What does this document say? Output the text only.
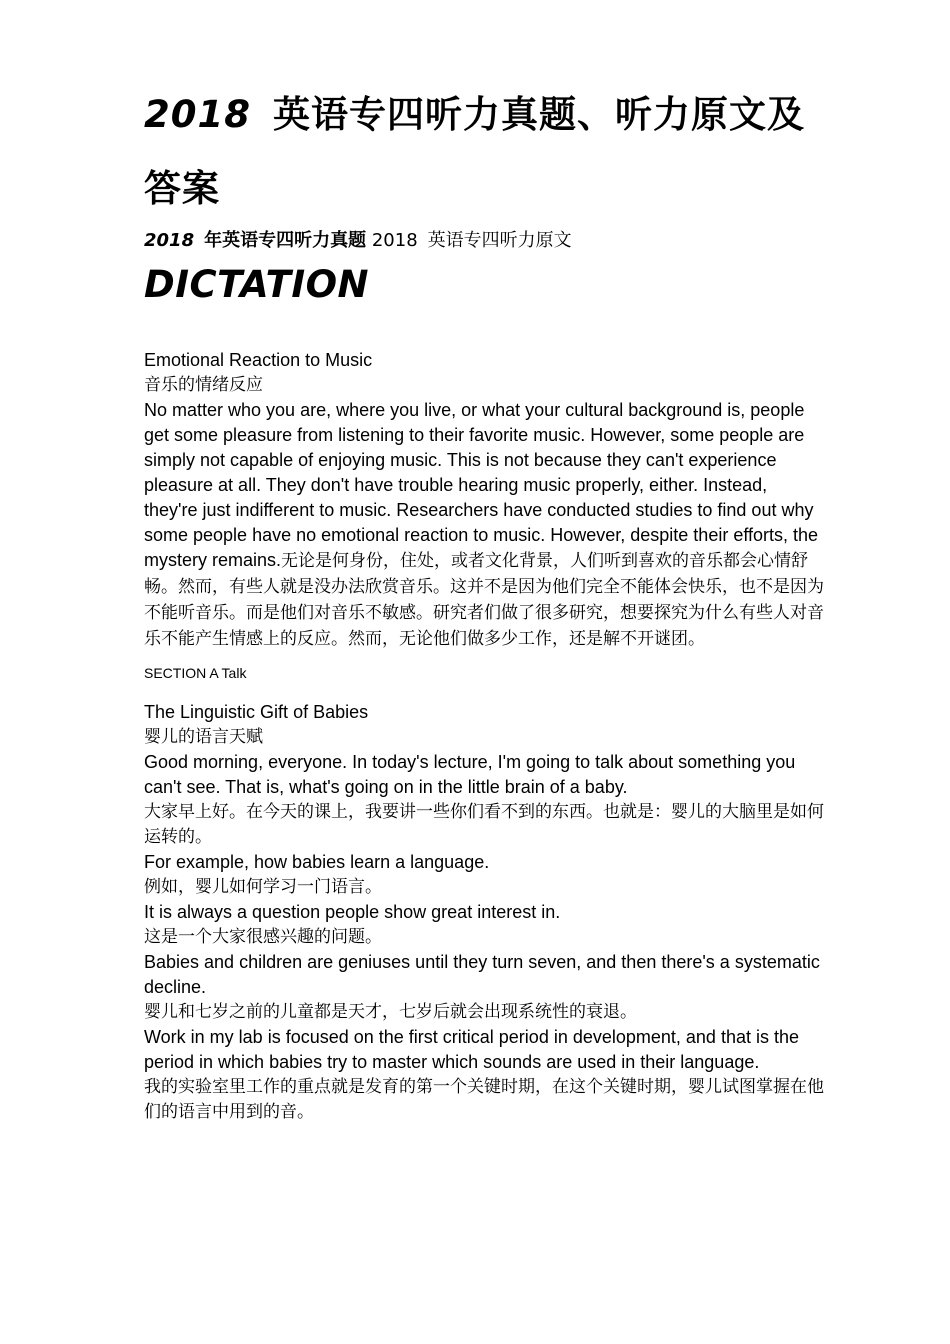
2018 英语专四听力真题、听力原文及答案
2018 年英语专四听力真题 2018 英语专四听力原文
DICTATION

Emotional Reaction to Music

音乐的情绪反应

No matter who you are, where you live, or what your cultural background is, people get some pleasure from listening to their favorite music. However, some people are simply not capable of enjoying music. This is not because they can't experience pleasure at all. They don't have trouble hearing music properly, either. Instead, they're just indifferent to music. Researchers have conducted studies to find out why some people have no emotional reaction to music. However, despite their efforts, the mystery remains.无论是何身份，住处，或者文化背景，人们听到喜欢的音乐都会心情舒畅。然而，有些人就是没办法欣赏音乐。这并不是因为他们完全不能体会快乐，也不是因为不能听音乐。而是他们对音乐不敏感。研究者们做了很多研究，想要探究为什么有些人对音乐不能产生情感上的反应。然而，无论他们做多少工作，还是解不开谜团。

SECTION A Talk

The Linguistic Gift of Babies

婴儿的语言天赋

Good morning, everyone. In today's lecture, I'm going to talk about something you can't see. That is, what's going on in the little brain of a baby.

大家早上好。在今天的课上，我要讲一些你们看不到的东西。也就是：婴儿的大脑里是如何运转的。

For example, how babies learn a language.

例如，婴儿如何学习一门语言。

It is always a question people show great interest in.

这是一个大家很感兴趣的问题。

Babies and children are geniuses until they turn seven, and then there's a systematic decline.

婴儿和七岁之前的儿童都是天才，七岁后就会出现系统性的衰退。

Work in my lab is focused on the first critical period in development, and that is the period in which babies try to master which sounds are used in their language.

我的实验室里工作的重点就是发育的第一个关键时期，在这个关键时期，婴儿试图掌握在他们的语言中用到的音。
